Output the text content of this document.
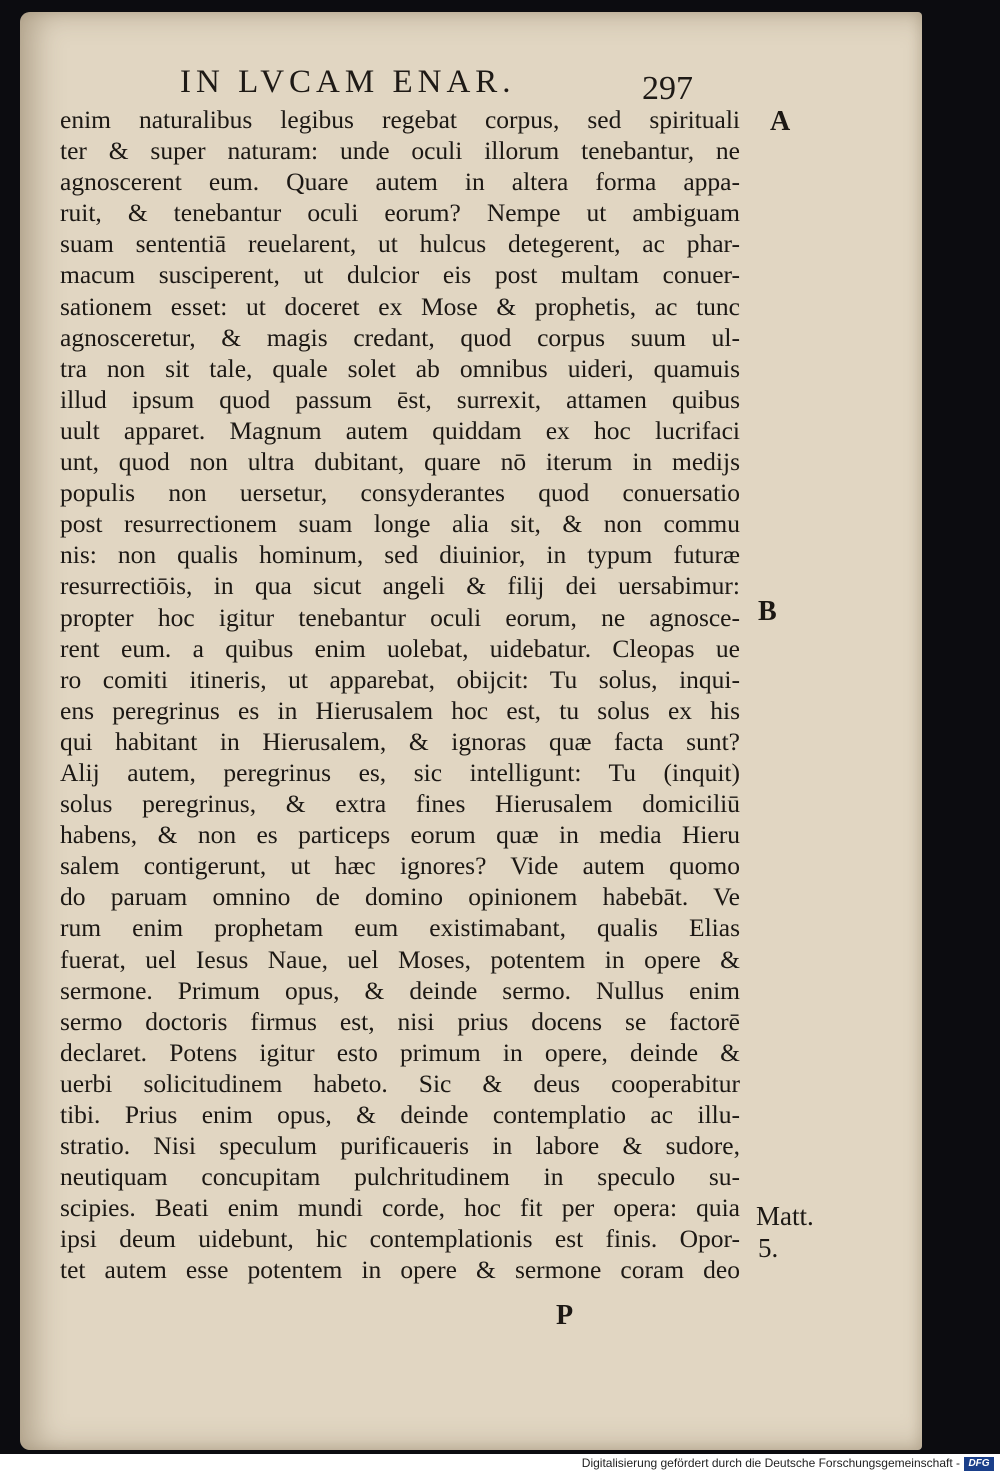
IN LVCAM ENAR.	297
enim naturalibus legibus regebat corpus, sed spirituali
ter & super naturam: unde oculi illorum tenebantur, ne
agnoscerent eum. Quare autem in altera forma appa-
ruit, & tenebantur oculi eorum? Nempe ut ambiguam
suam sententiā reuelarent, ut hulcus detegerent, ac phar-
macum susciperent, ut dulcior eis post multam conuer-
sationem esset: ut doceret ex Mose & prophetis, ac tunc
agnosceretur, & magis credant, quod corpus suum ul-
tra non sit tale, quale solet ab omnibus uideri, quamuis
illud ipsum quod passum ēst, surrexit, attamen quibus
uult apparet. Magnum autem quiddam ex hoc lucrifaci
unt, quod non ultra dubitant, quare nō iterum in medijs
populis non uersetur, consyderantes quod conuersatio
post resurrectionem suam longe alia sit, & non commu
nis: non qualis hominum, sed diuinior, in typum futuræ
resurrectiōis, in qua sicut angeli & filij dei uersabimur:
propter hoc igitur tenebantur oculi eorum, ne agnosce-
rent eum. a quibus enim uolebat, uidebatur. Cleopas ue
ro comiti itineris, ut apparebat, obijcit: Tu solus, inqui-
ens peregrinus es in Hierusalem hoc est, tu solus ex his
qui habitant in Hierusalem, & ignoras quæ facta sunt?
Alij autem, peregrinus es, sic intelligunt: Tu (inquit)
solus peregrinus, & extra fines Hierusalem domiciliū
habens, & non es particeps eorum quæ in media Hieru
salem contigerunt, ut hæc ignores? Vide autem quomo
do paruam omnino de domino opinionem habebāt. Ve
rum enim prophetam eum existimabant, qualis Elias
fuerat, uel Iesus Naue, uel Moses, potentem in opere &
sermone. Primum opus, & deinde sermo. Nullus enim
sermo doctoris firmus est, nisi prius docens se factorē
declaret. Potens igitur esto primum in opere, deinde &
uerbi solicitudinem habeto. Sic & deus cooperabitur
tibi. Prius enim opus, & deinde contemplatio ac illu-
stratio. Nisi speculum purificaueris in labore & sudore,
neutiquam concupitam pulchritudinem in speculo su-
scipies. Beati enim mundi corde, hoc fit per opera: quia
ipsi deum uidebunt, hic contemplationis est finis. Opor-
tet autem esse potentem in opere & sermone coram deo
A
B
Matt.
5.
P
Digitalisierung gefördert durch die Deutsche Forschungsgemeinschaft - DFG
